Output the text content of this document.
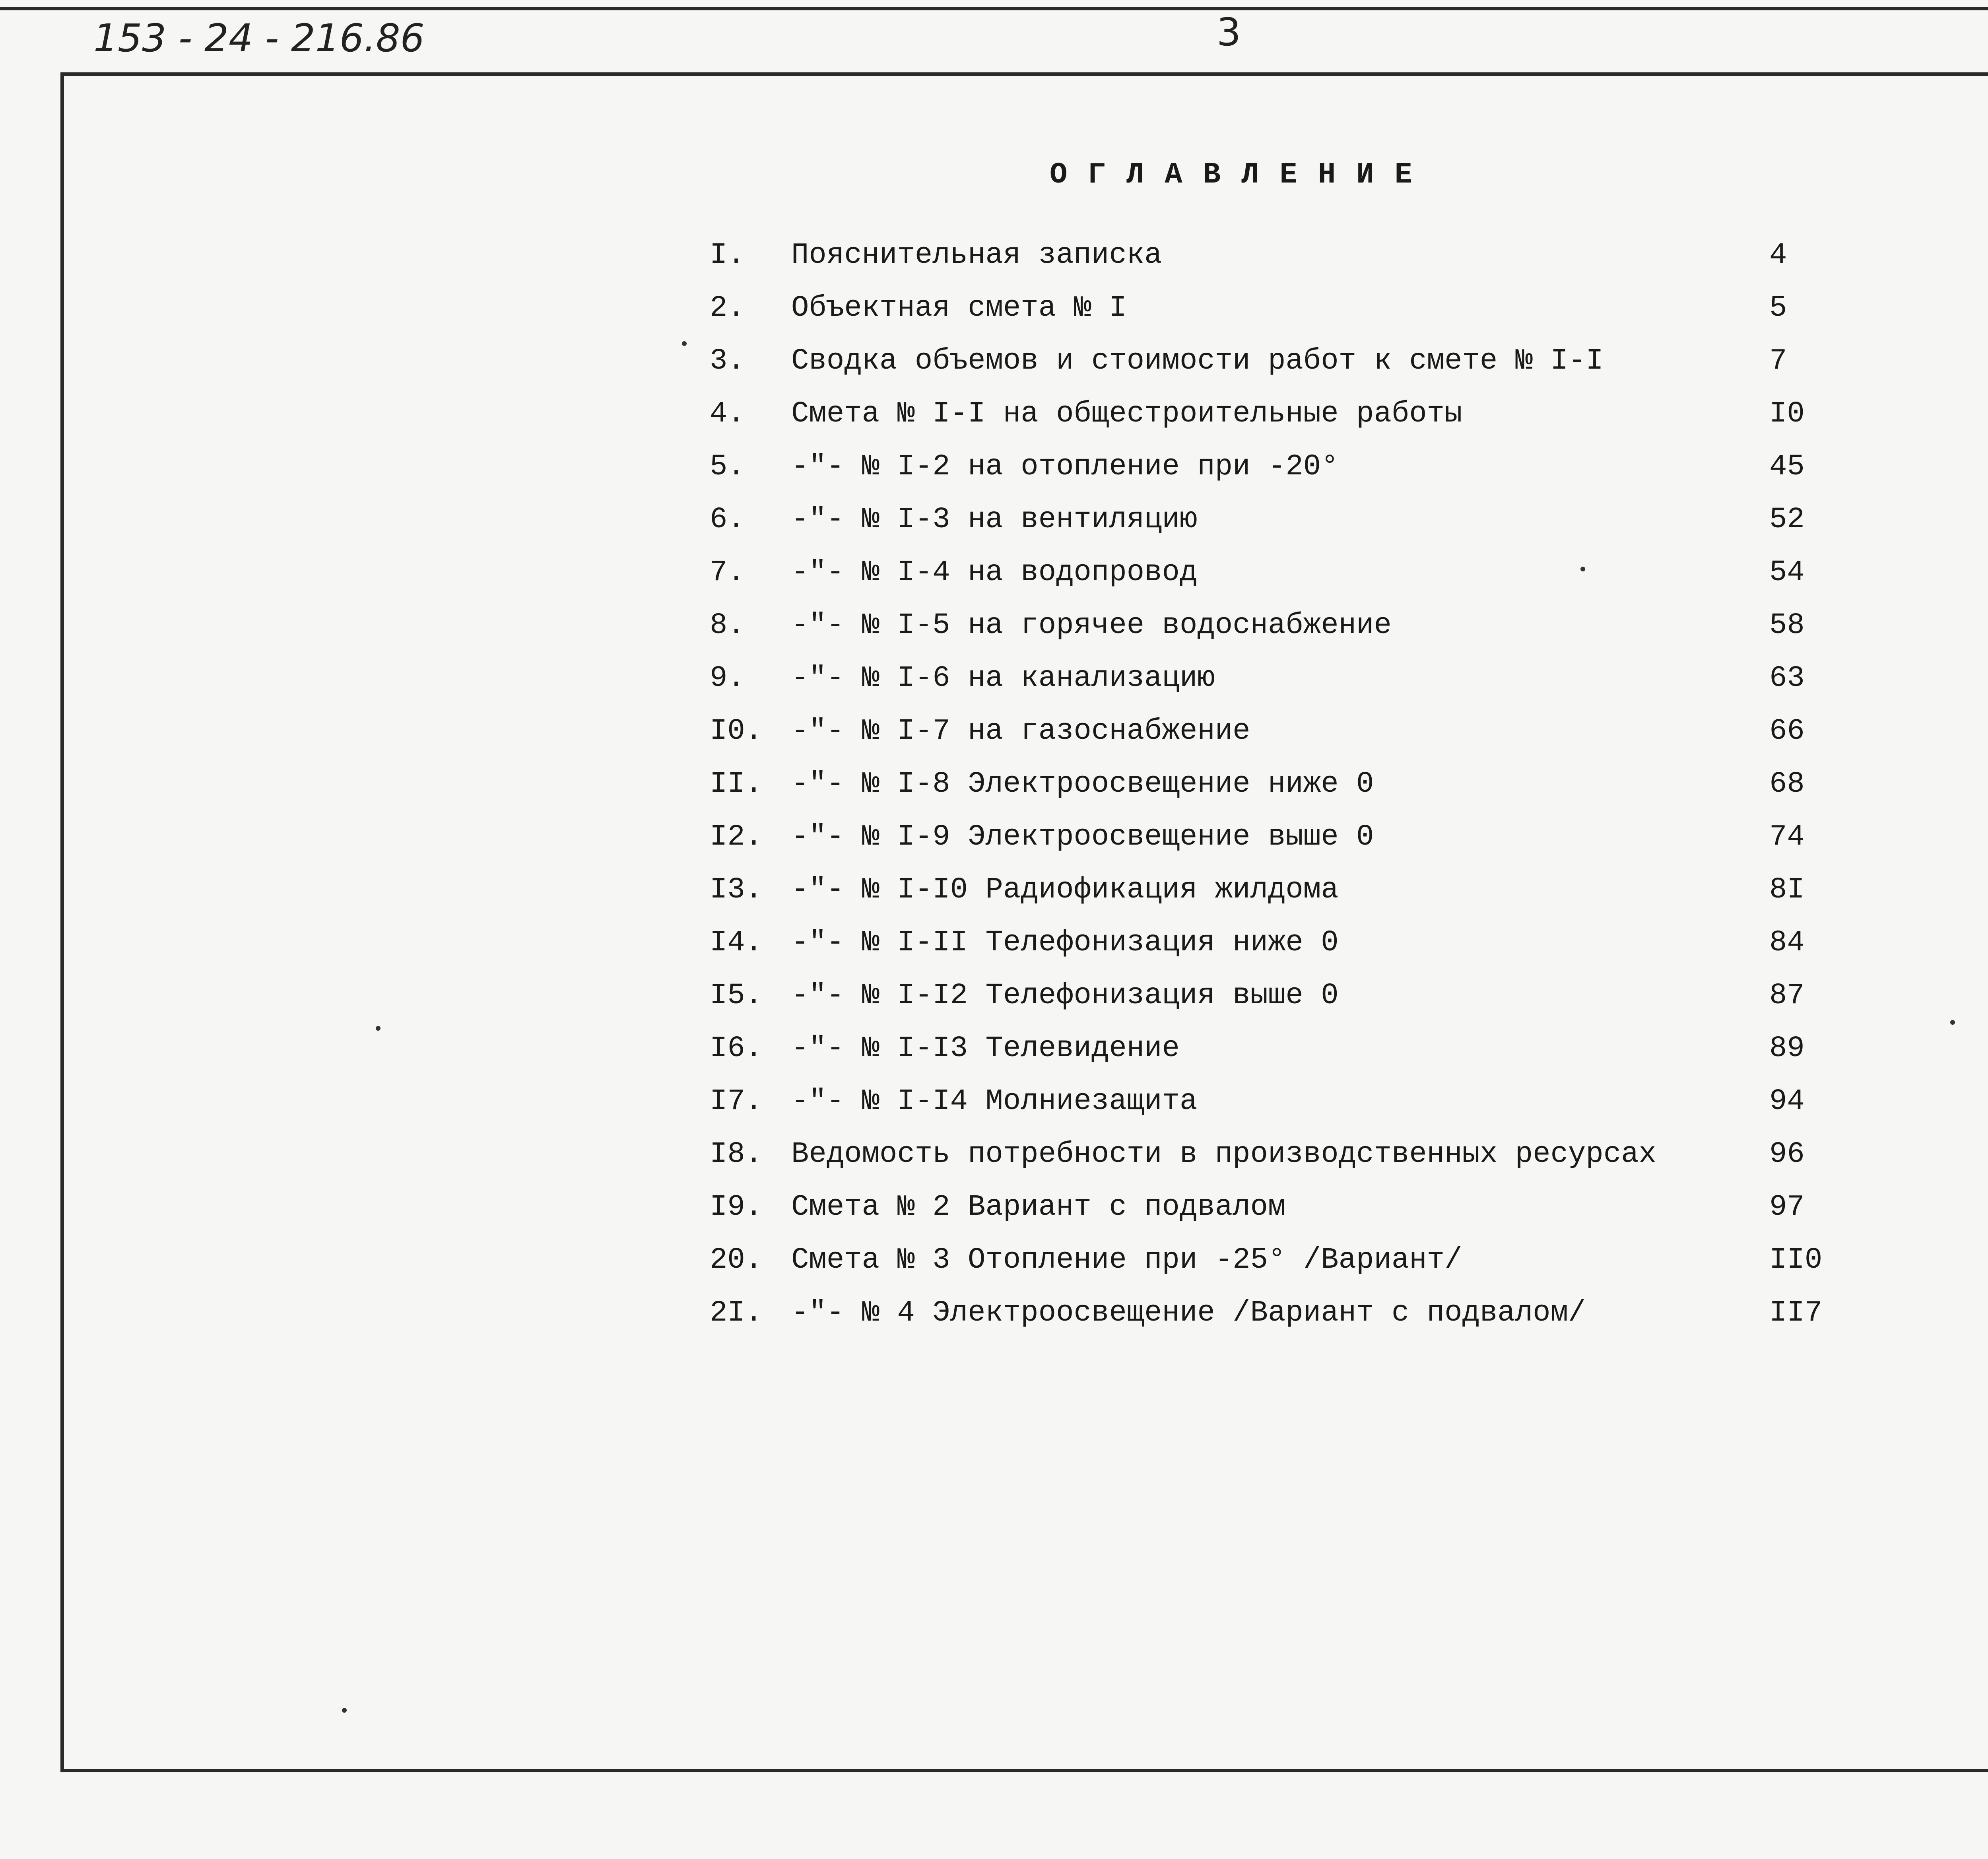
153 - 24 - 216.86	3
ОГЛАВЛЕНИЕ
I. Пояснительная записка	4
2. Объектная смета № I	5
3. Сводка объемов и стоимости работ к смете № I-I	7
4. Смета № I-I на общестроительные работы	I0
5. -"- № I-2 на отопление при -20°	45
6. -"- № I-3 на вентиляцию	52
7. -"- № I-4 на водопровод	54
8. -"- № I-5 на горячее водоснабжение	58
9. -"- № I-6 на канализацию	63
I0. -"- № I-7 на газоснабжение	66
II. -"- № I-8 Электроосвещение ниже 0	68
I2. -"- № I-9 Электроосвещение выше 0	74
I3. -"- № I-I0 Радиофикация жилдома	8I
I4. -"- № I-II Телефонизация ниже 0	84
I5. -"- № I-I2 Телефонизация выше 0	87
I6. -"- № I-I3 Телевидение	89
I7. -"- № I-I4 Молниезащита	94
I8. Ведомость потребности в производственных ресурсах	96
I9. Смета № 2 Вариант с подвалом	97
20. Смета № 3 Отопление при -25° /Вариант/	II0
2I. -"- № 4 Электроосвещение /Вариант с подвалом/	II7
